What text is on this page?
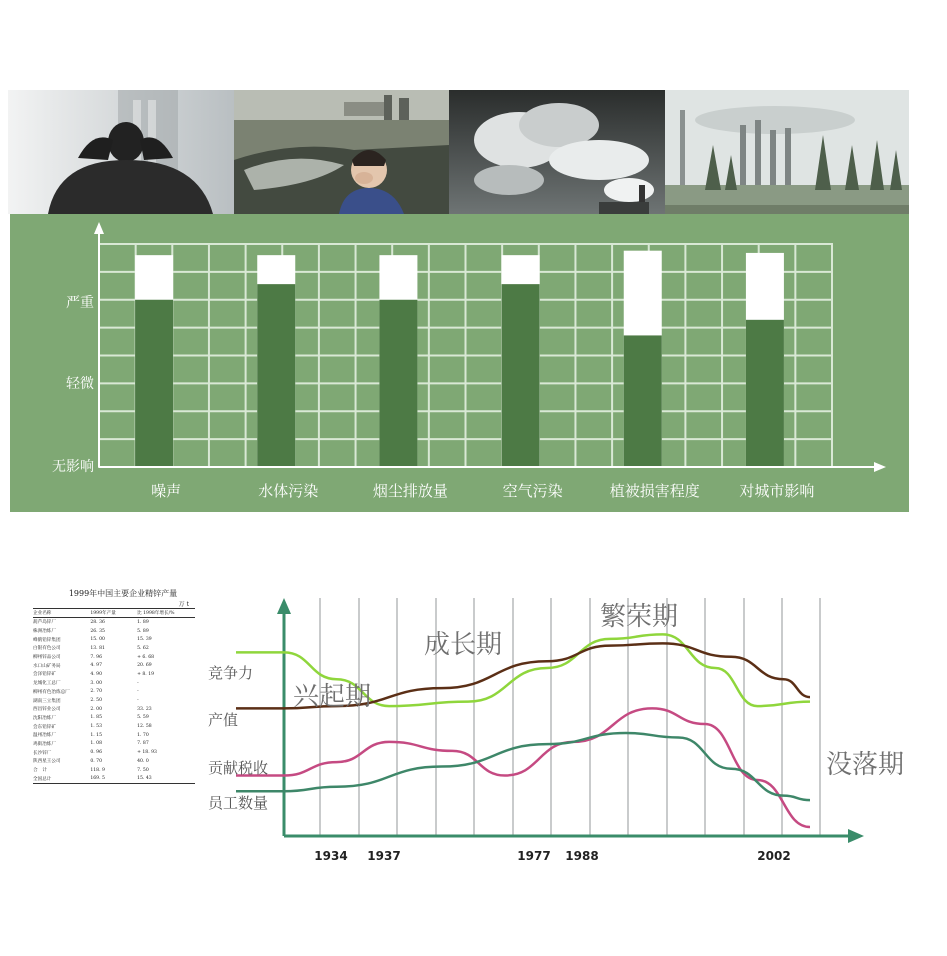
无影响
轻微
严重
噪声	水体污染	烟尘排放量	空气污染	植被损害程度	对城市影响
1999年中国主要企业精锌产量
万 t
企业名称	1999年产量	比 1998年增长/%
葫芦岛锌厂	28. 36	1. 89
株洲冶炼厂	26. 35	5. 89
峰鹤铅锌集团	15. 00	15. 39
白银有色公司	13. 81	5. 62
柳州锌品公司	7. 96	+ 6. 68
水口山矿务局	4. 97	20. 69
会泽铅锌矿	4. 90	+ 8. 19
龙城化工总厂	3. 00	-
柳州有色冶炼总厂	2. 70	-
湖南三立集团	2. 50	-
西昌锌业公司	2. 00	33. 23
沈阳冶炼厂	1. 85	5. 59
会东铅锌矿	1. 53	12. 58
温州冶炼厂	1. 15	1. 70
鸡街冶炼厂	1. 08	7. 87
长沙锌厂	0. 96	+ 18. 93
陕西星王公司	0. 70	40. 0
合　计	118. 9	7. 50
全国总计	169. 5	15. 43
竞争力
产值
贡献税收
员工数量
1934 1937	1977 1988	2002
兴起期
成长期
繁荣期
没落期
